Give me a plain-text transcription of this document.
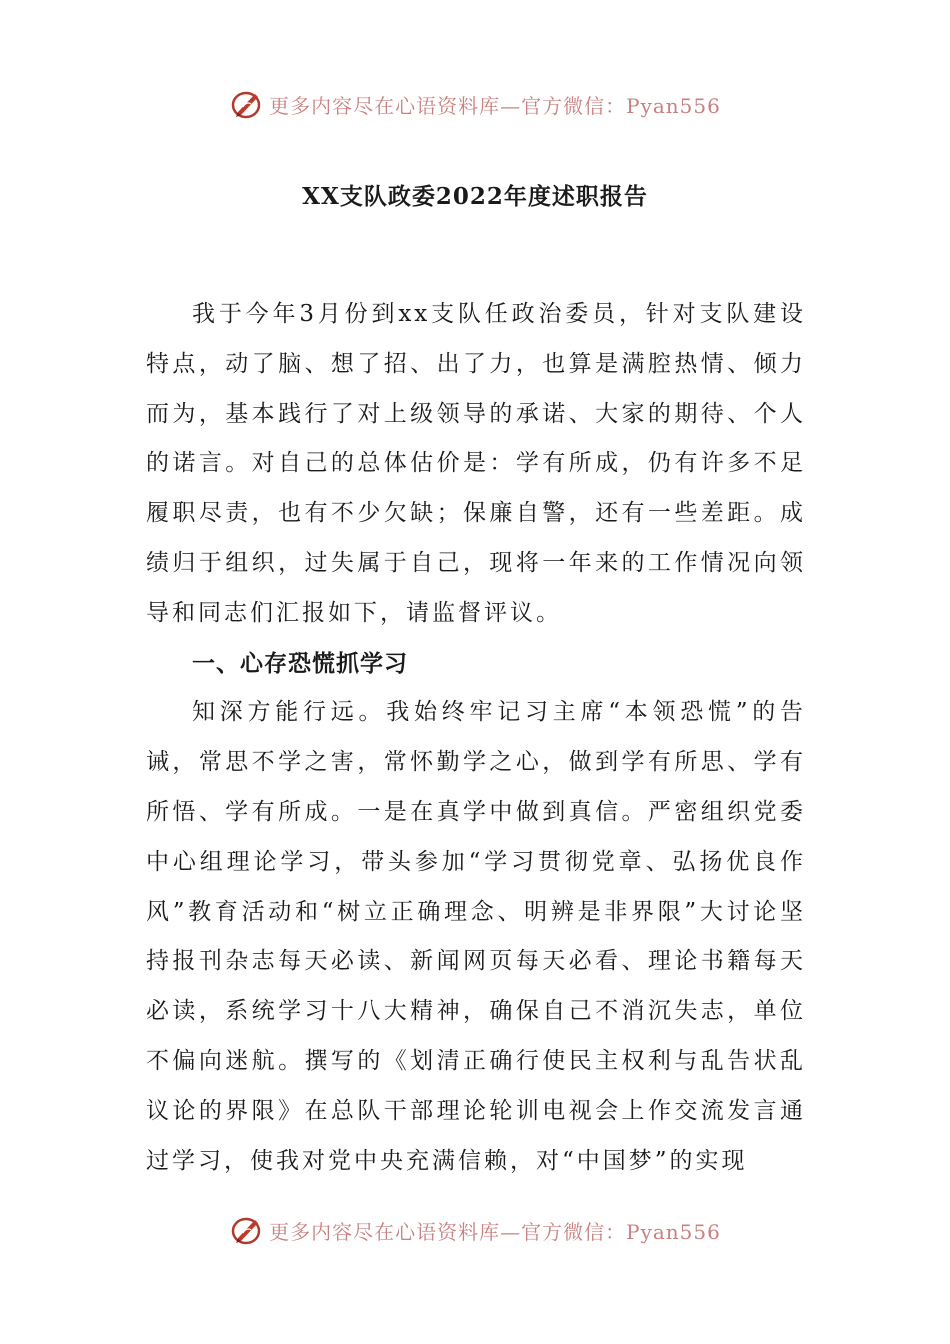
更多内容尽在心语资料库—官方微信：Pyan556
XX支队政委2022年度述职报告

我于今年3月份到xx支队任政治委员，针对支队建设特点，动了脑、想了招、出了力，也算是满腔热情、倾力而为，基本践行了对上级领导的承诺、大家的期待、个人的诺言。对自己的总体估价是：学有所成，仍有许多不足履职尽责，也有不少欠缺；保廉自警，还有一些差距。成绩归于组织，过失属于自己，现将一年来的工作情况向领导和同志们汇报如下，请监督评议。

一、心存恐慌抓学习

知深方能行远。我始终牢记习主席“本领恐慌”的告诫，常思不学之害，常怀勤学之心，做到学有所思、学有所悟、学有所成。一是在真学中做到真信。严密组织党委中心组理论学习，带头参加“学习贯彻党章、弘扬优良作风”教育活动和“树立正确理念、明辨是非界限”大讨论坚持报刊杂志每天必读、新闻网页每天必看、理论书籍每天必读，系统学习十八大精神，确保自己不消沉失志，单位不偏向迷航。撰写的《划清正确行使民主权利与乱告状乱议论的界限》在总队干部理论轮训电视会上作交流发言通过学习，使我对党中央充满信赖，对“中国梦”的实现

更多内容尽在心语资料库—官方微信：Pyan556
